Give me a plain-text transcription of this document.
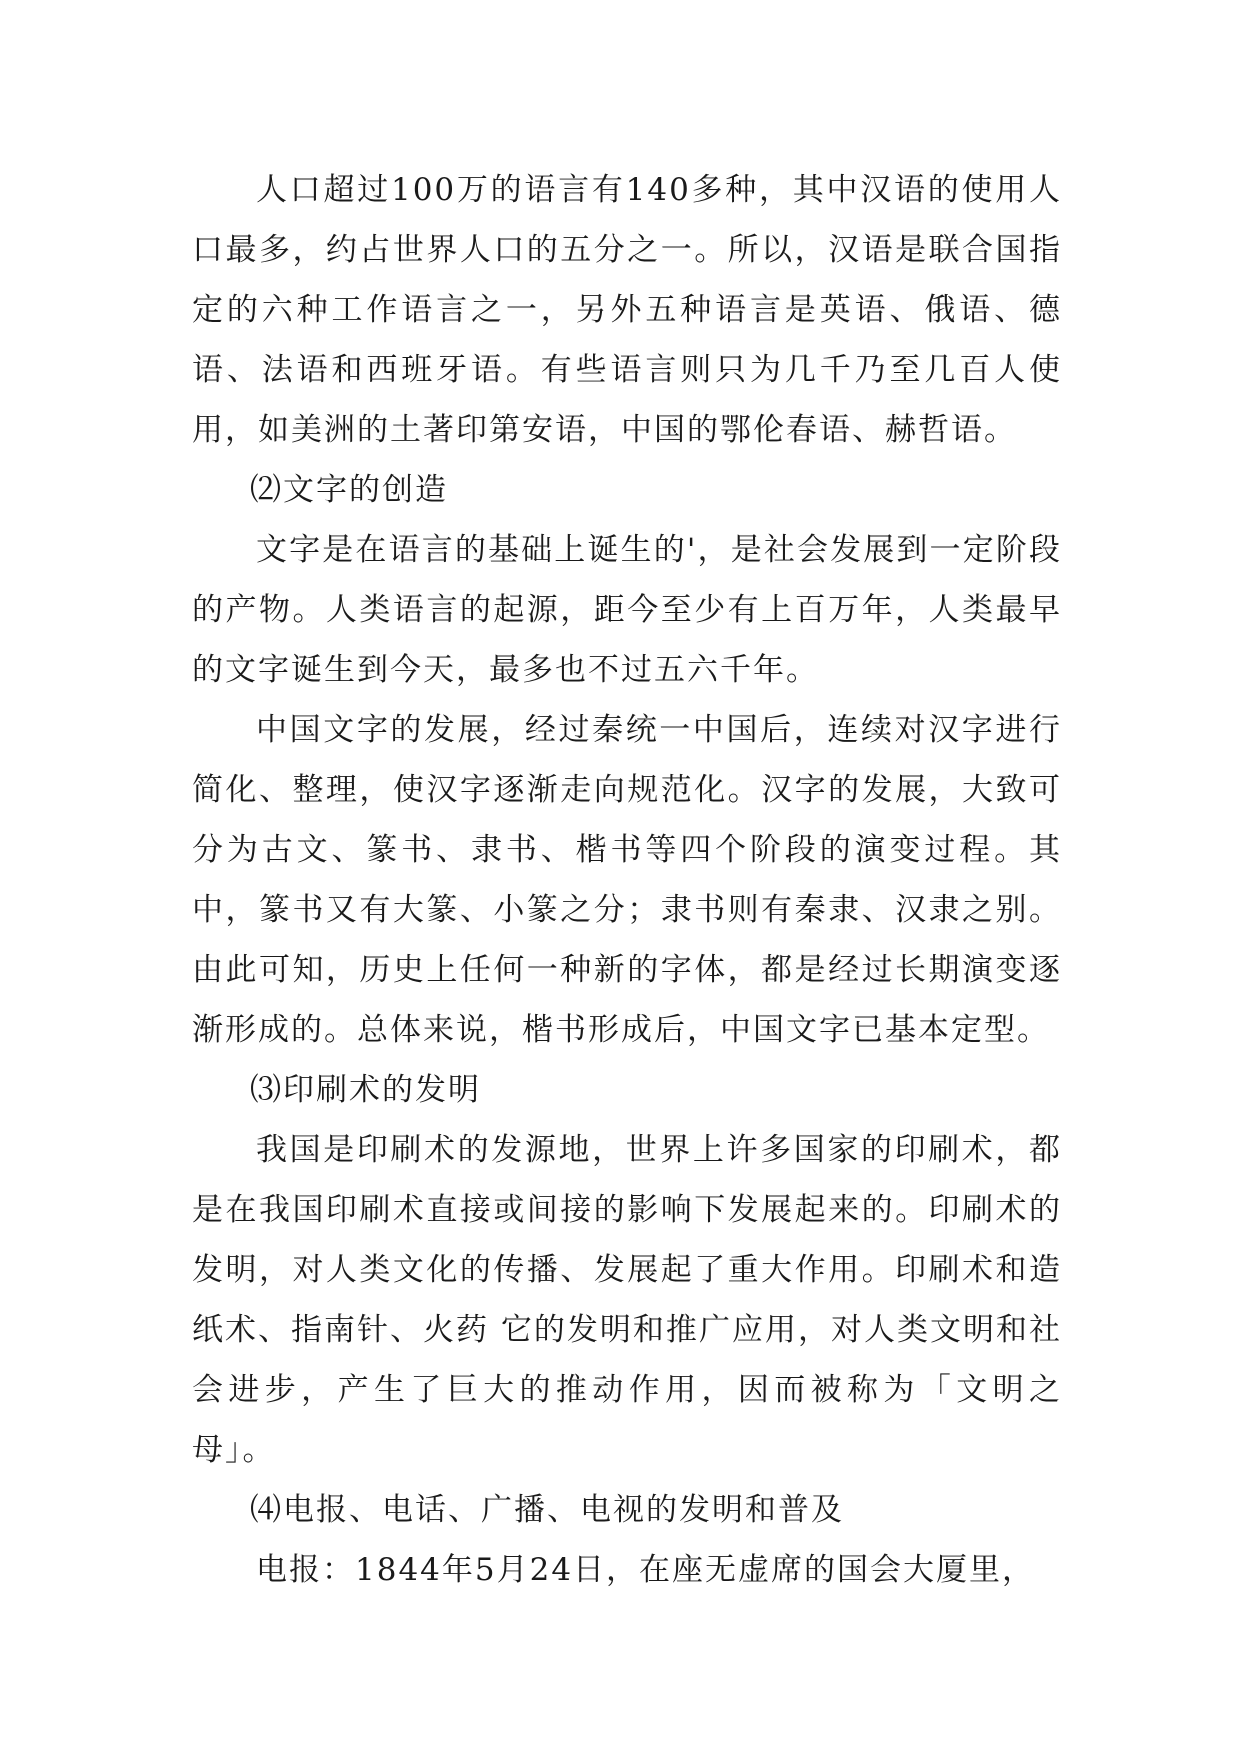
人口超过100万的语言有140多种，其中汉语的使用人口最多，约占世界人口的五分之一。所以，汉语是联合国指定的六种工作语言之一，另外五种语言是英语、俄语、德语、法语和西班牙语。有些语言则只为几千乃至几百人使用，如美洲的土著印第安语，中国的鄂伦春语、赫哲语。

⑵文字的创造

文字是在语言的基础上诞生的'，是社会发展到一定阶段的产物。人类语言的起源，距今至少有上百万年，人类最早的文字诞生到今天，最多也不过五六千年。

中国文字的发展，经过秦统一中国后，连续对汉字进行简化、整理，使汉字逐渐走向规范化。汉字的发展，大致可分为古文、篆书、隶书、楷书等四个阶段的演变过程。其中，篆书又有大篆、小篆之分；隶书则有秦隶、汉隶之别。由此可知，历史上任何一种新的字体，都是经过长期演变逐渐形成的。总体来说，楷书形成后，中国文字已基本定型。

⑶印刷术的发明

我国是印刷术的发源地，世界上许多国家的印刷术，都是在我国印刷术直接或间接的影响下发展起来的。印刷术的发明，对人类文化的传播、发展起了重大作用。印刷术和造纸术、指南针、火药 它的发明和推广应用，对人类文明和社会进步，产生了巨大的推动作用，因而被称为「文明之母」。

⑷电报、电话、广播、电视的发明和普及

电报：1844年5月24日，在座无虚席的国会大厦里，
